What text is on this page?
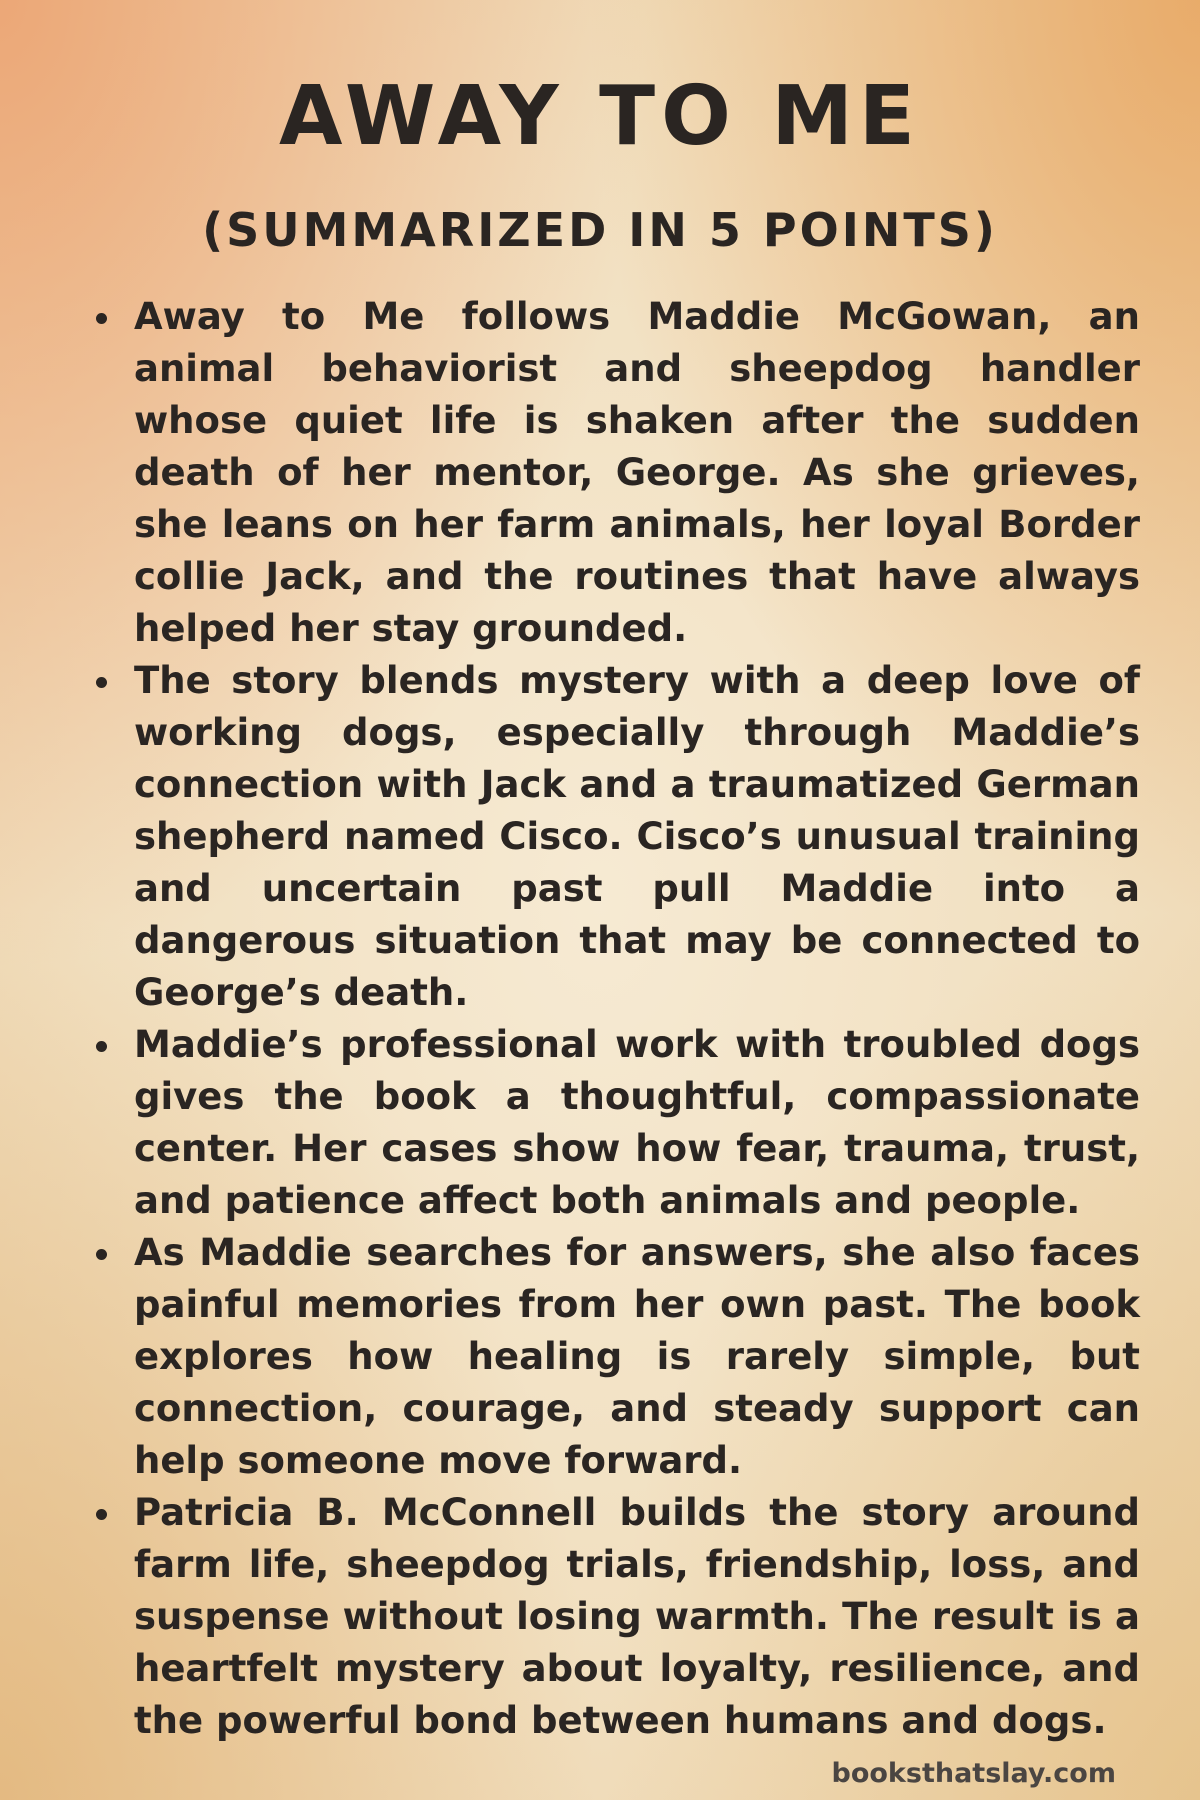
AWAY TO ME
(SUMMARIZED IN 5 POINTS)
Away to Me follows Maddie McGowan, an animal behaviorist and sheepdog handler whose quiet life is shaken after the sudden death of her mentor, George. As she grieves, she leans on her farm animals, her loyal Border collie Jack, and the routines that have always helped her stay grounded.
The story blends mystery with a deep love of working dogs, especially through Maddie’s connection with Jack and a traumatized German shepherd named Cisco. Cisco’s unusual training and uncertain past pull Maddie into a dangerous situation that may be connected to George’s death.
Maddie’s professional work with troubled dogs gives the book a thoughtful, compassionate center. Her cases show how fear, trauma, trust, and patience affect both animals and people.
As Maddie searches for answers, she also faces painful memories from her own past. The book explores how healing is rarely simple, but connection, courage, and steady support can help someone move forward.
Patricia B. McConnell builds the story around farm life, sheepdog trials, friendship, loss, and suspense without losing warmth. The result is a heartfelt mystery about loyalty, resilience, and the powerful bond between humans and dogs.
booksthatslay.com
